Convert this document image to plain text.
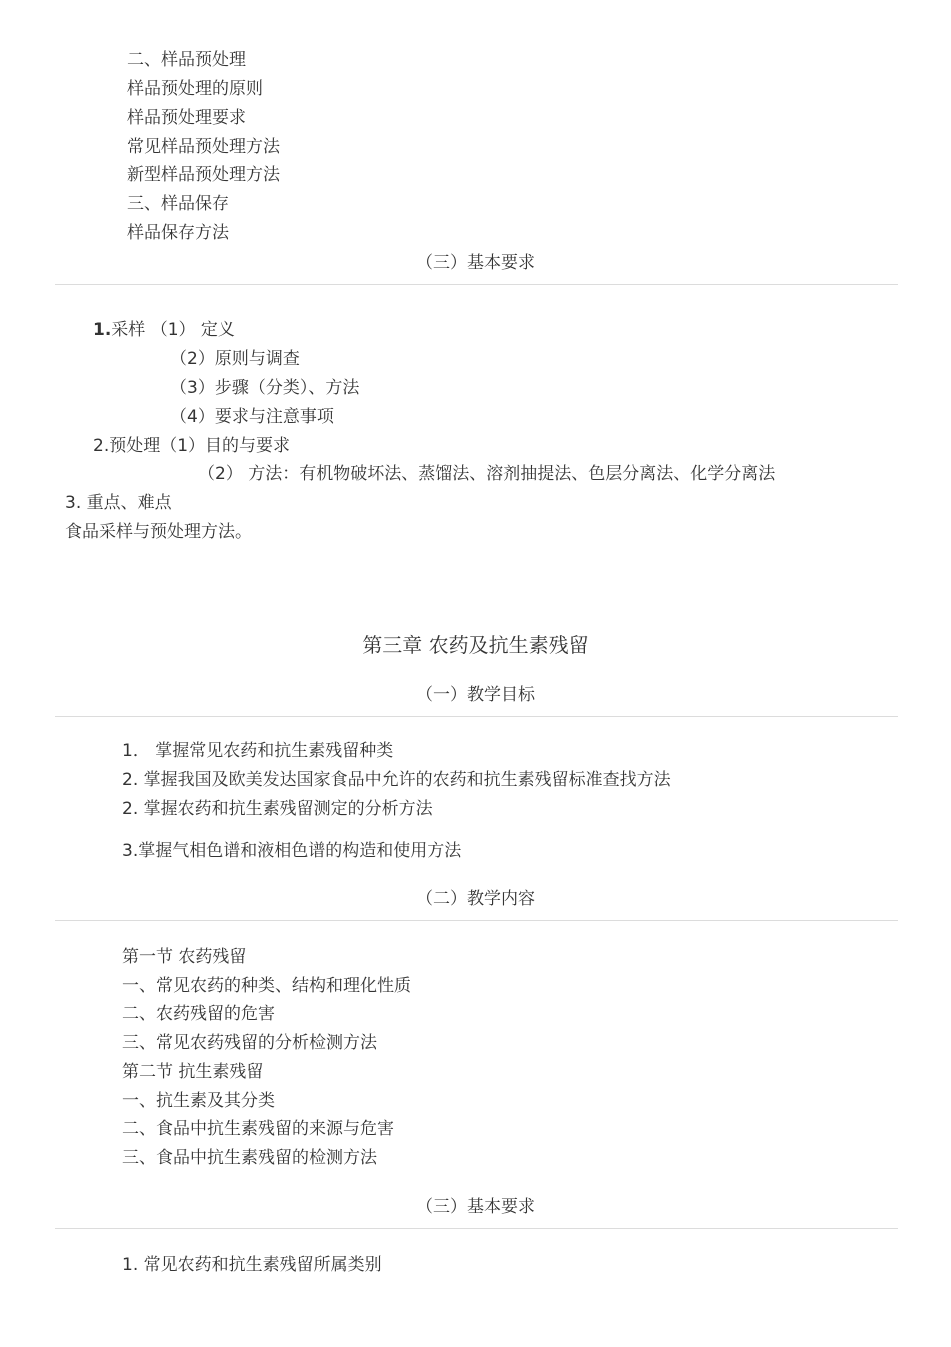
二、样品预处理
样品预处理的原则
样品预处理要求
常见样品预处理方法
新型样品预处理方法
三、样品保存
样品保存方法
（三）基本要求
1.采样 （1） 定义
（2）原则与调查
（3）步骤（分类）、方法
（4）要求与注意事项
2.预处理（1）目的与要求
（2） 方法：有机物破坏法、蒸馏法、溶剂抽提法、色层分离法、化学分离法
3. 重点、难点
食品采样与预处理方法。
第三章 农药及抗生素残留
（一）教学目标
1． 掌握常见农药和抗生素残留种类
2. 掌握我国及欧美发达国家食品中允许的农药和抗生素残留标准查找方法
2. 掌握农药和抗生素残留测定的分析方法
3.掌握气相色谱和液相色谱的构造和使用方法
（二）教学内容
第一节 农药残留
一、常见农药的种类、结构和理化性质
二、农药残留的危害
三、常见农药残留的分析检测方法
第二节 抗生素残留
一、抗生素及其分类
二、食品中抗生素残留的来源与危害
三、食品中抗生素残留的检测方法
（三）基本要求
1. 常见农药和抗生素残留所属类别
